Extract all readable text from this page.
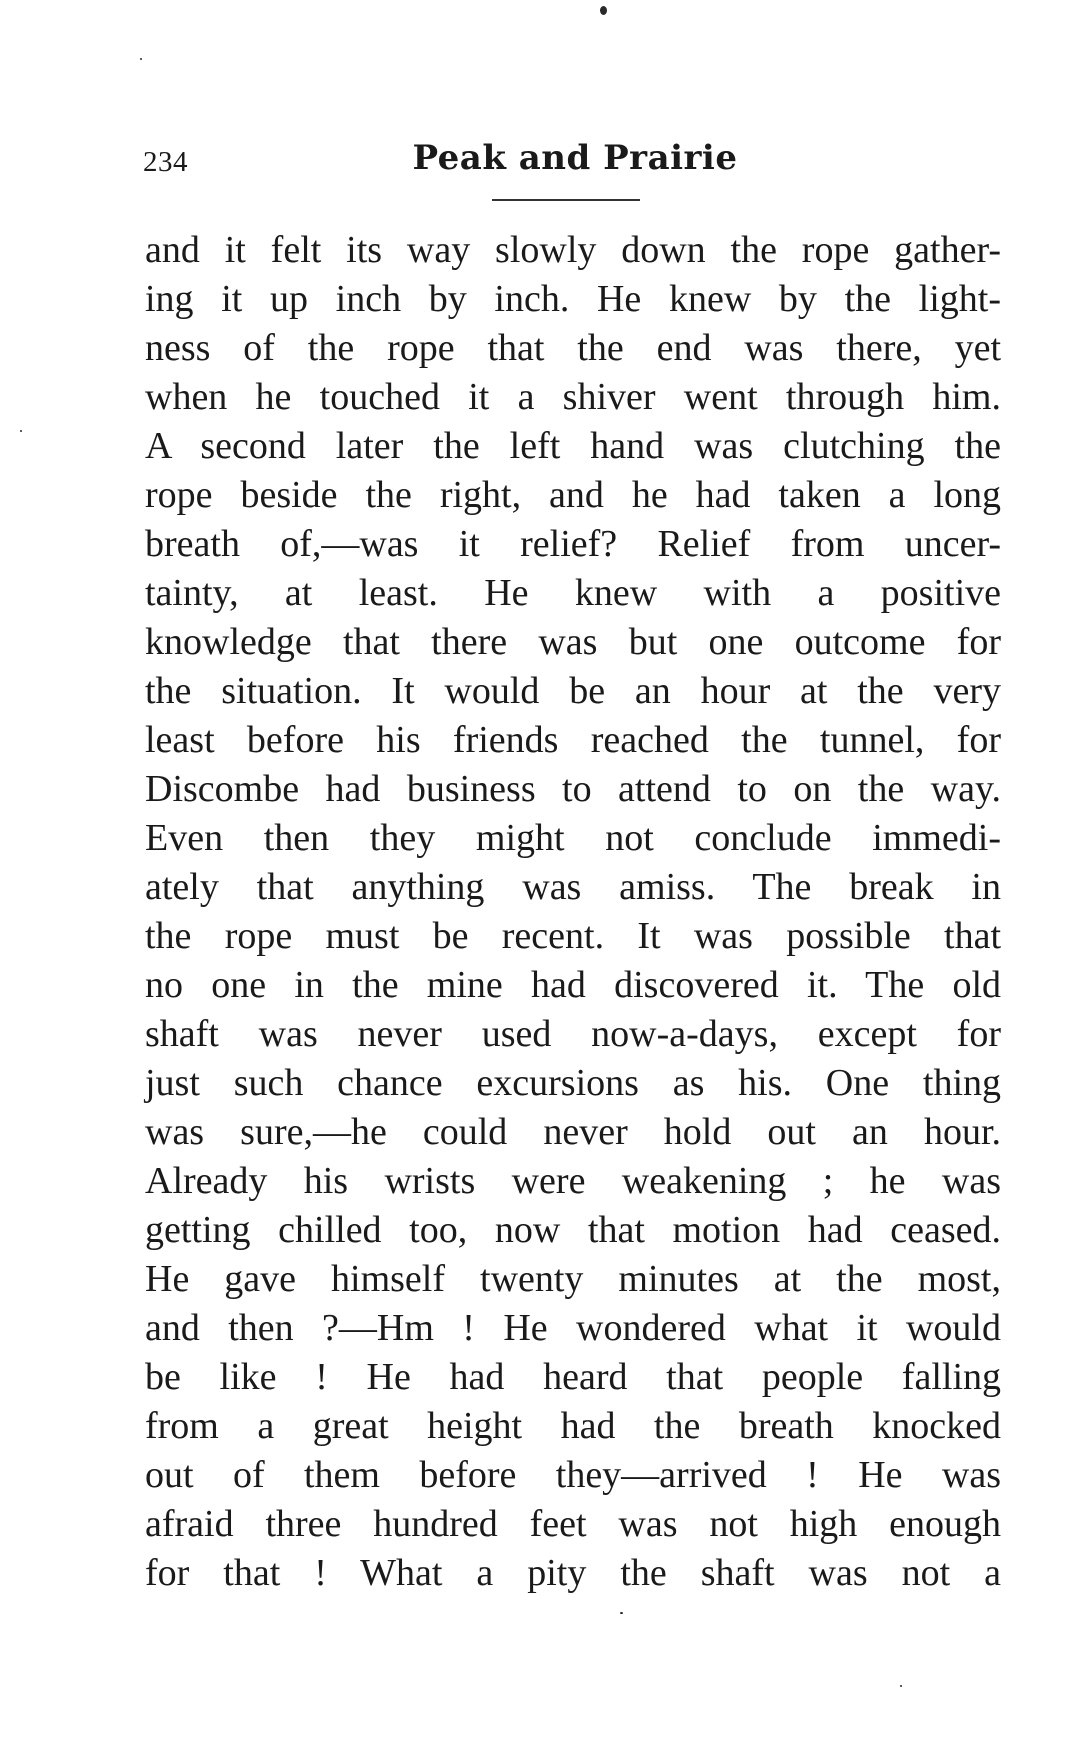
234	Peak and Prairie
and it felt its way slowly down the rope gather-
ing it up inch by inch. He knew by the light-
ness of the rope that the end was there, yet
when he touched it a shiver went through him.
A second later the left hand was clutching the
rope beside the right, and he had taken a long
breath of,—was it relief? Relief from uncer-
tainty, at least. He knew with a positive
knowledge that there was but one outcome for
the situation. It would be an hour at the very
least before his friends reached the tunnel, for
Discombe had business to attend to on the way.
Even then they might not conclude immedi-
ately that anything was amiss. The break in
the rope must be recent. It was possible that
no one in the mine had discovered it. The old
shaft was never used now-a-days, except for
just such chance excursions as his. One thing
was sure,—he could never hold out an hour.
Already his wrists were weakening ; he was
getting chilled too, now that motion had ceased.
He gave himself twenty minutes at the most,
and then ?—Hm ! He wondered what it would
be like ! He had heard that people falling
from a great height had the breath knocked
out of them before they—arrived ! He was
afraid three hundred feet was not high enough
for that ! What a pity the shaft was not a
